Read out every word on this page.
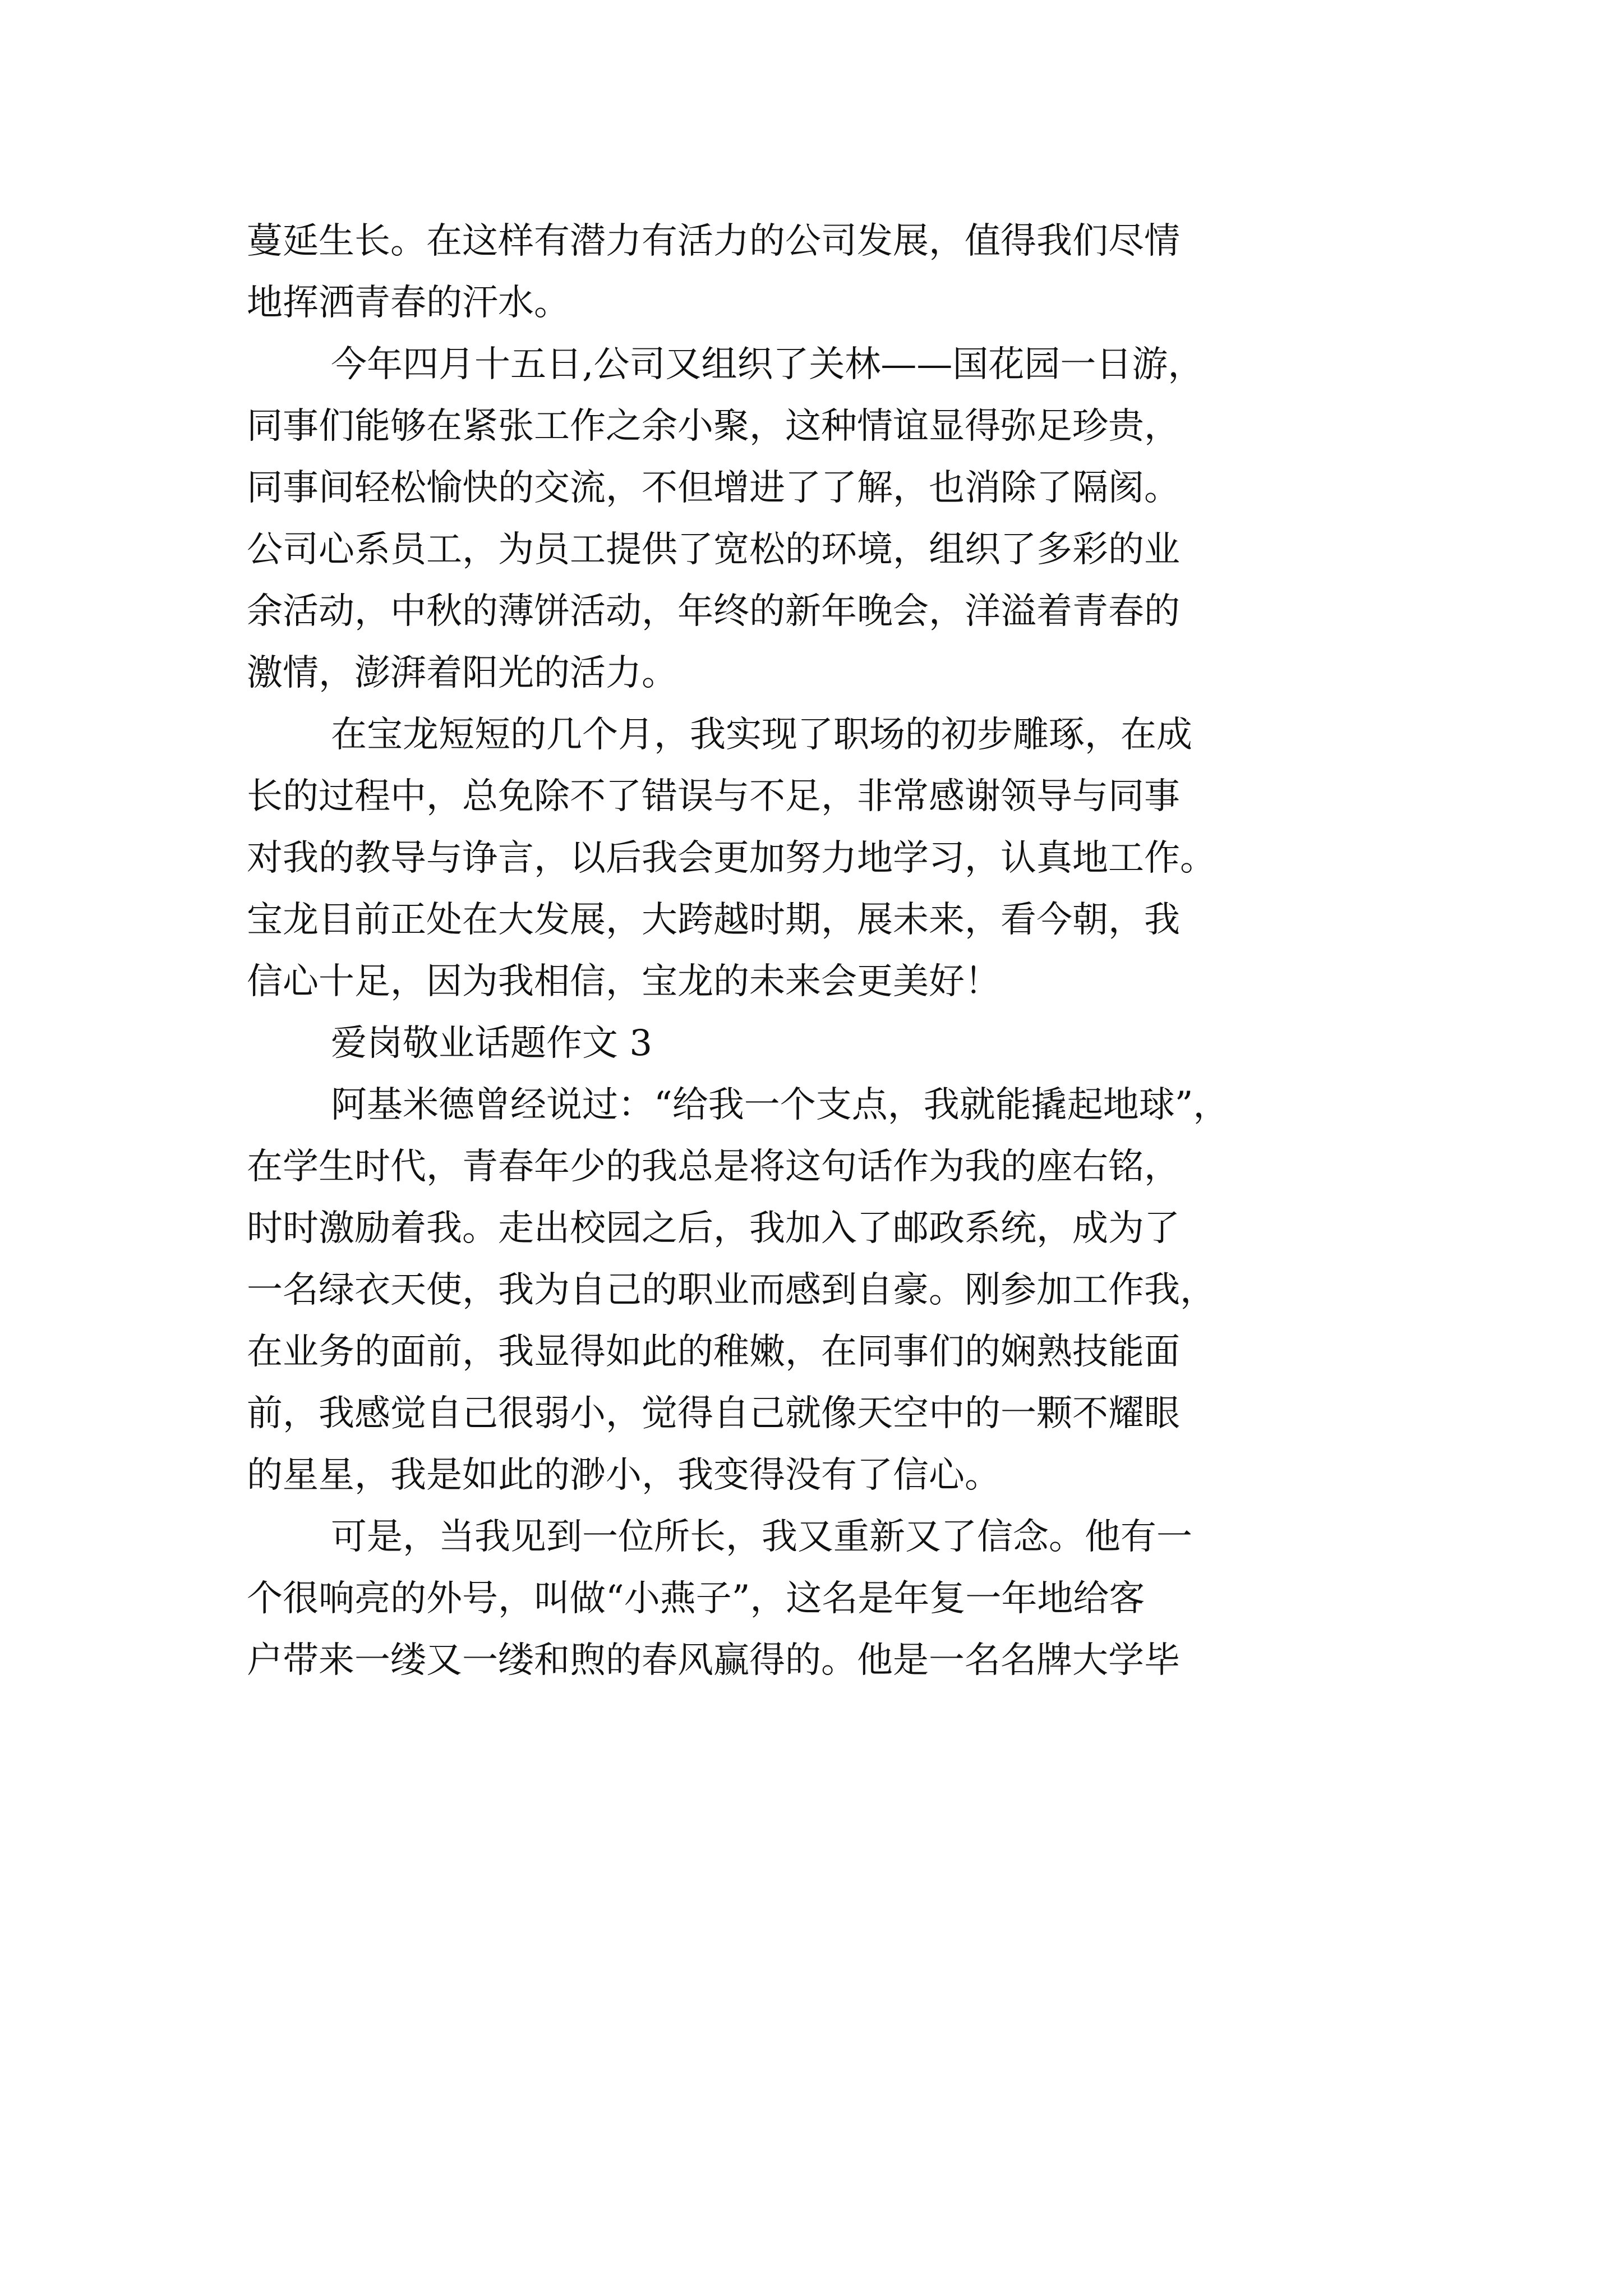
蔓延生长。在这样有潜力有活力的公司发展，值得我们尽情
地挥洒青春的汗水。
今年四月十五日,公司又组织了关林——国花园一日游，
同事们能够在紧张工作之余小聚，这种情谊显得弥足珍贵，
同事间轻松愉快的交流，不但增进了了解，也消除了隔阂。
公司心系员工，为员工提供了宽松的环境，组织了多彩的业
余活动，中秋的薄饼活动，年终的新年晚会，洋溢着青春的
激情，澎湃着阳光的活力。
在宝龙短短的几个月，我实现了职场的初步雕琢，在成
长的过程中，总免除不了错误与不足，非常感谢领导与同事
对我的教导与诤言，以后我会更加努力地学习，认真地工作。
宝龙目前正处在大发展，大跨越时期，展未来，看今朝，我
信心十足，因为我相信，宝龙的未来会更美好！
爱岗敬业话题作文 3
阿基米德曾经说过：“给我一个支点，我就能撬起地球”，
在学生时代，青春年少的我总是将这句话作为我的座右铭，
时时激励着我。走出校园之后，我加入了邮政系统，成为了
一名绿衣天使，我为自己的职业而感到自豪。刚参加工作我，
在业务的面前，我显得如此的稚嫩，在同事们的娴熟技能面
前，我感觉自己很弱小，觉得自己就像天空中的一颗不耀眼
的星星，我是如此的渺小，我变得没有了信心。
可是，当我见到一位所长，我又重新又了信念。他有一
个很响亮的外号，叫做“小燕子”，这名是年复一年地给客
户带来一缕又一缕和煦的春风赢得的。他是一名名牌大学毕
